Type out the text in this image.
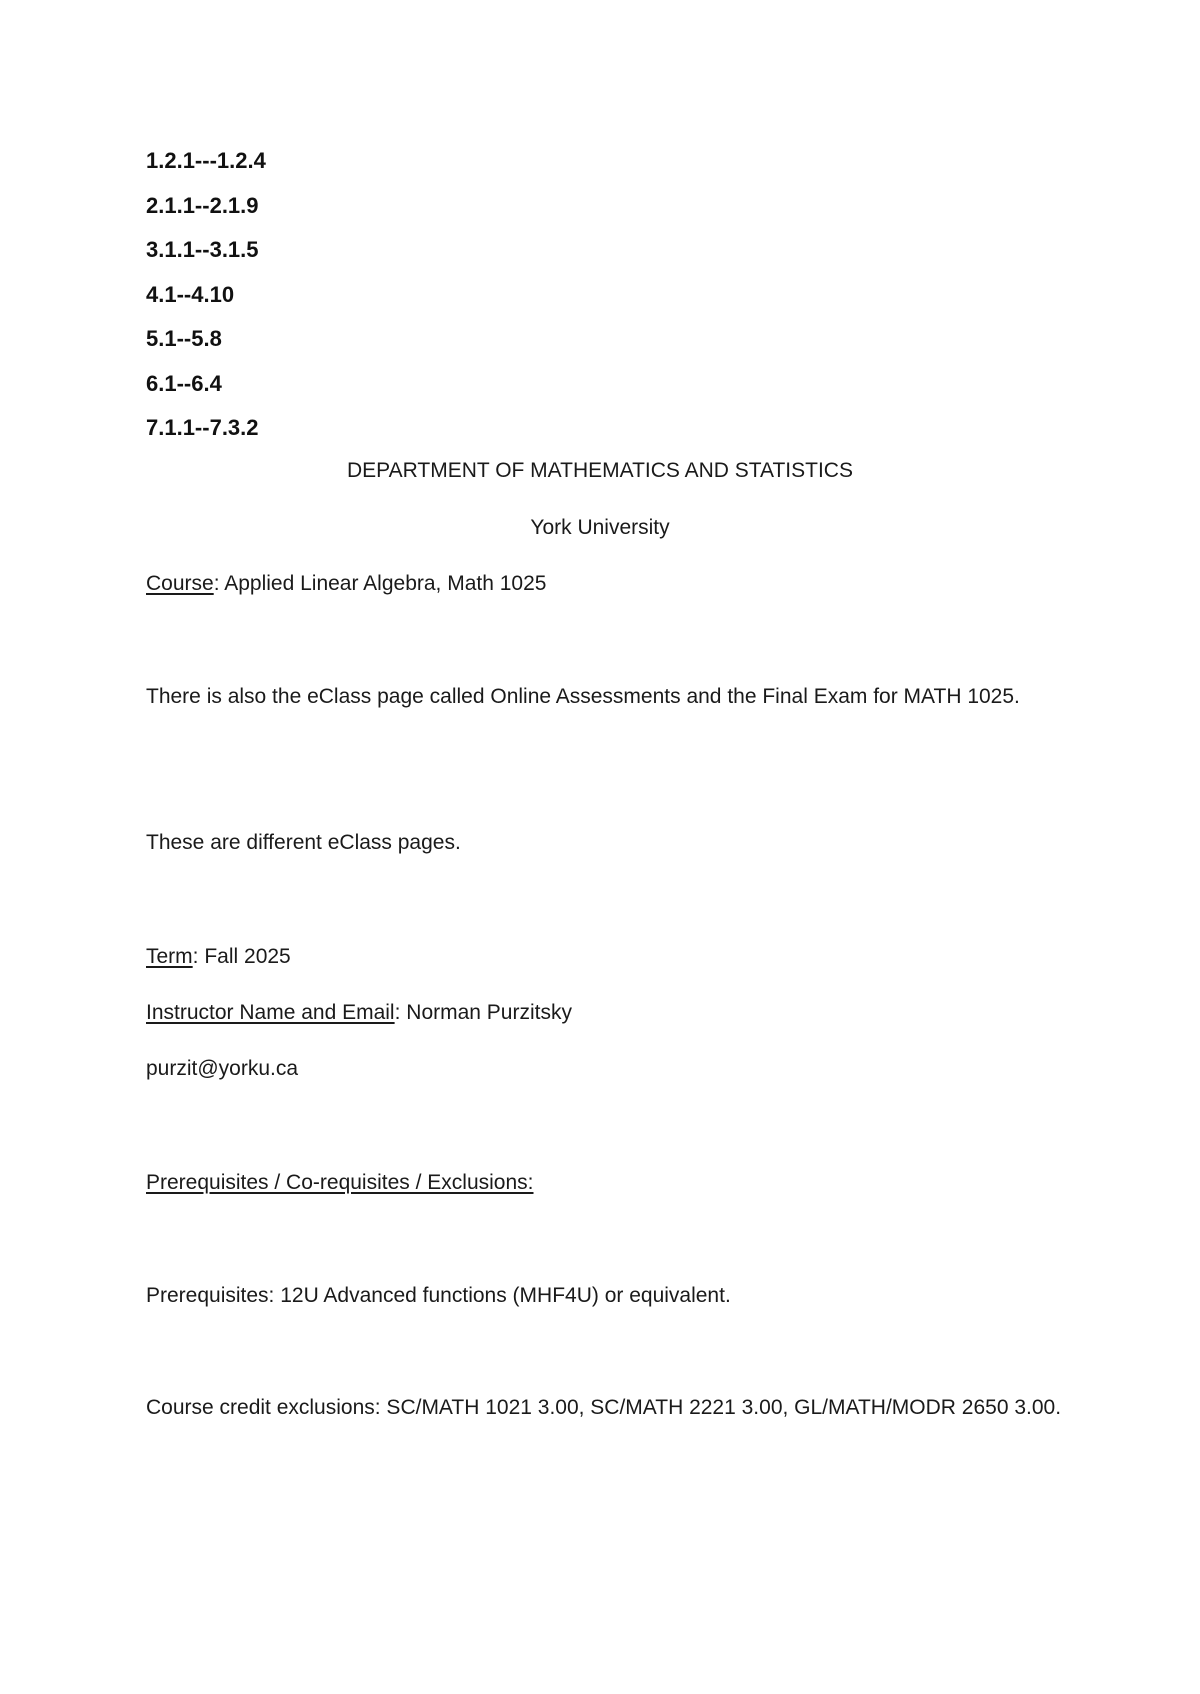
1.2.1---1.2.4
2.1.1--2.1.9
3.1.1--3.1.5
4.1--4.10
5.1--5.8
6.1--6.4
7.1.1--7.3.2
DEPARTMENT OF MATHEMATICS AND STATISTICS
York University
Course: Applied Linear Algebra, Math 1025
There is also the eClass page called Online Assessments and the Final Exam for MATH 1025.
These are different eClass pages.
Term: Fall 2025
Instructor Name and Email: Norman Purzitsky
purzit@yorku.ca
Prerequisites / Co-requisites / Exclusions:
Prerequisites: 12U Advanced functions (MHF4U) or equivalent.
Course credit exclusions: SC/MATH 1021 3.00, SC/MATH 2221 3.00, GL/MATH/MODR 2650 3.00.
